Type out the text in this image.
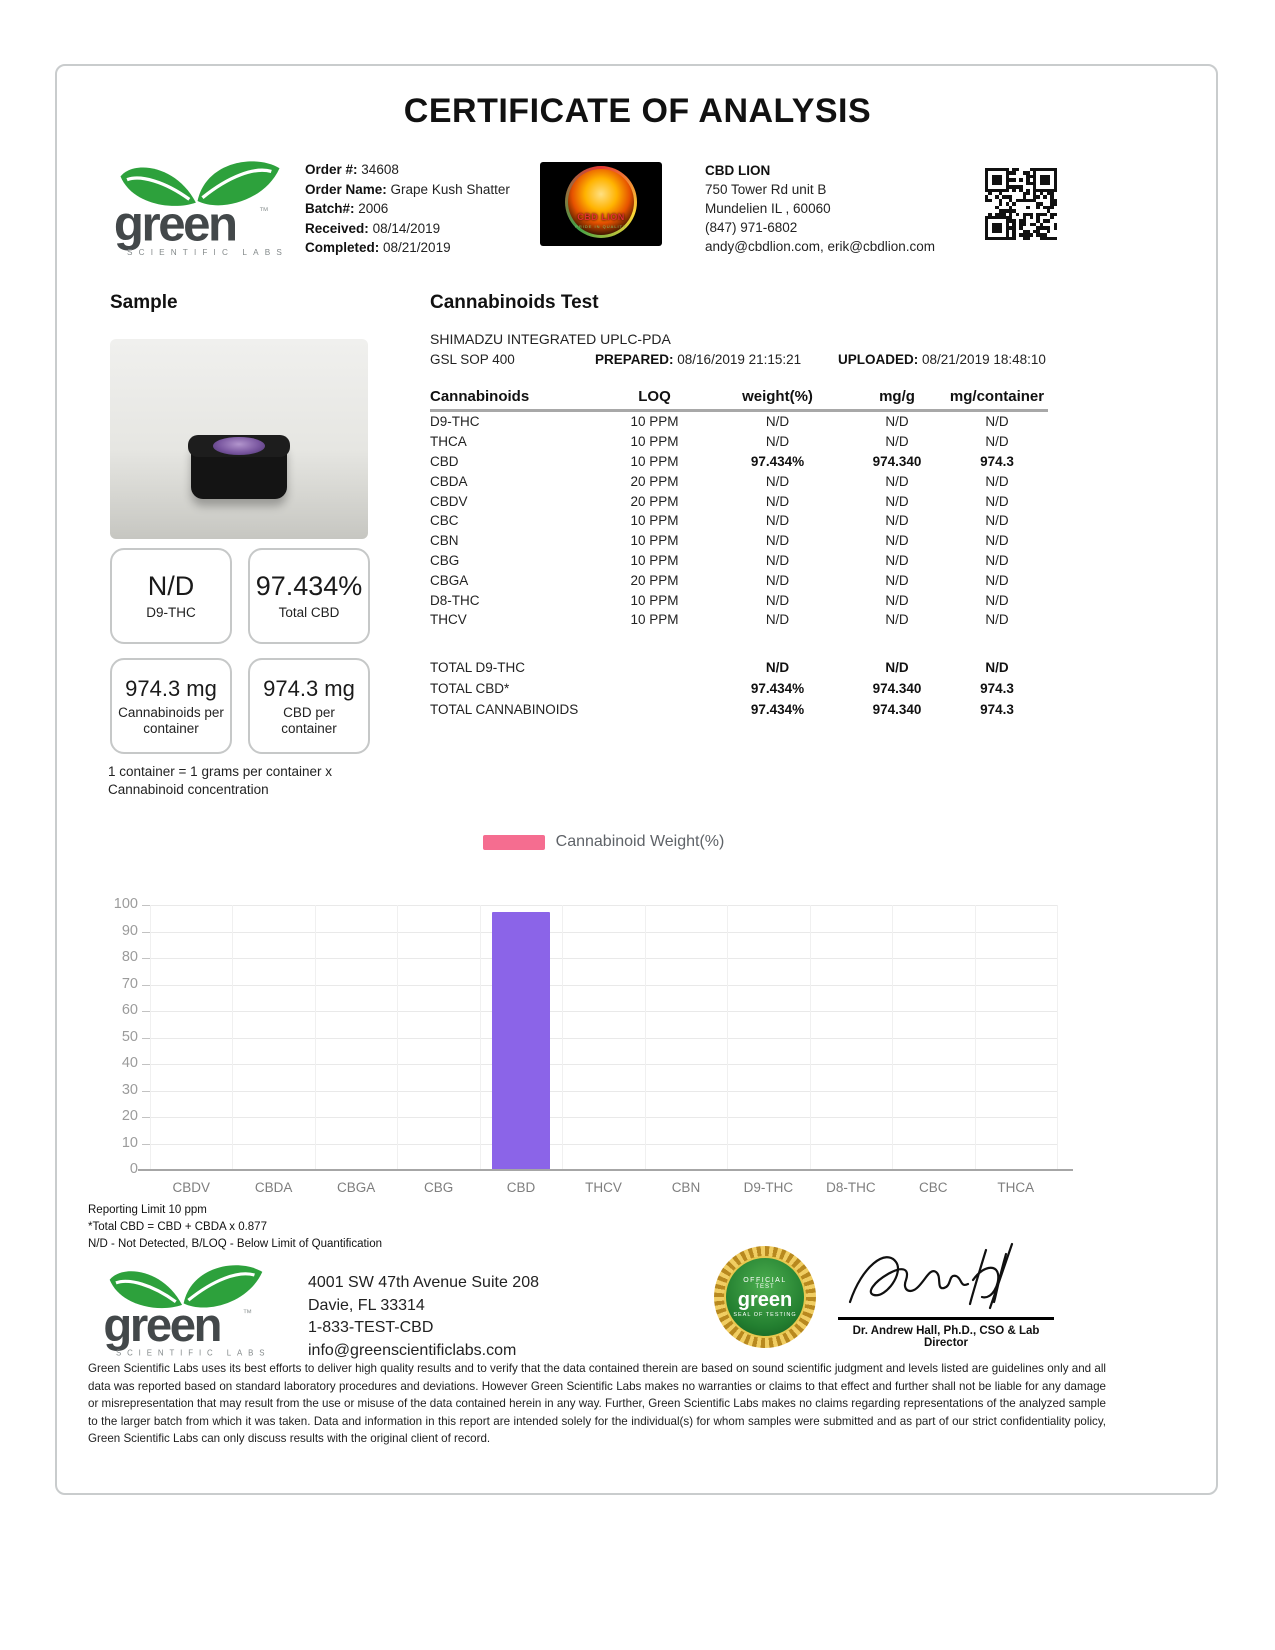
CERTIFICATE OF ANALYSIS
green ™
SCIENTIFIC LABS
Order #: 34608
Order Name: Grape Kush Shatter
Batch#: 2006
Received: 08/14/2019
Completed: 08/21/2019
CBD LION
PRIDE IN QUALITY
CBD LION
750 Tower Rd unit B
Mundelien IL , 60060
(847) 971-6802
andy@cbdlion.com, erik@cbdlion.com
Sample	Cannabinoids Test
N/D
D9-THC
97.434%
Total CBD
974.3 mg
Cannabinoids per container
974.3 mg
CBD per container
1 container = 1 grams per container x Cannabinoid concentration
SHIMADZU INTEGRATED UPLC-PDA
GSL SOP 400	PREPARED: 08/16/2019 21:15:21	UPLOADED: 08/21/2019 18:48:10
Cannabinoids	LOQ	weight(%)	mg/g	mg/container
D9-THC	10 PPM	N/D	N/D	N/D
THCA	10 PPM	N/D	N/D	N/D
CBD	10 PPM	97.434%	974.340	974.3
CBDA	20 PPM	N/D	N/D	N/D
CBDV	20 PPM	N/D	N/D	N/D
CBC	10 PPM	N/D	N/D	N/D
CBN	10 PPM	N/D	N/D	N/D
CBG	10 PPM	N/D	N/D	N/D
CBGA	20 PPM	N/D	N/D	N/D
D8-THC	10 PPM	N/D	N/D	N/D
THCV	10 PPM	N/D	N/D	N/D
TOTAL D9-THC	N/D	N/D	N/D
TOTAL CBD*	97.434%	974.340	974.3
TOTAL CANNABINOIDS	97.434%	974.340	974.3
Cannabinoid Weight(%)
0
10
20
30
40
50
60
70
80
90
100
CBDV	CBDA	CBGA	CBG	CBD	THCV	CBN	D9-THC	D8-THC	CBC	THCA
Reporting Limit 10 ppm
*Total CBD = CBD + CBDA x 0.877
N/D - Not Detected, B/LOQ - Below Limit of Quantification
green ™
SCIENTIFIC LABS
4001 SW 47th Avenue Suite 208
Davie, FL 33314
1-833-TEST-CBD
info@greenscientificlabs.com
OFFICIAL
TEST
green
SEAL OF TESTING
Dr. Andrew Hall, Ph.D., CSO & Lab Director
Green Scientific Labs uses its best efforts to deliver high quality results and to verify that the data contained therein are based on sound scientific judgment and levels listed are guidelines only and all data was reported based on standard laboratory procedures and deviations. However Green Scientific Labs makes no warranties or claims to that effect and further shall not be liable for any damage or misrepresentation that may result from the use or misuse of the data contained herein in any way. Further, Green Scientific Labs makes no claims regarding representations of the analyzed sample to the larger batch from which it was taken. Data and information in this report are intended solely for the individual(s) for whom samples were submitted and as part of our strict confidentiality policy, Green Scientific Labs can only discuss results with the original client of record.
